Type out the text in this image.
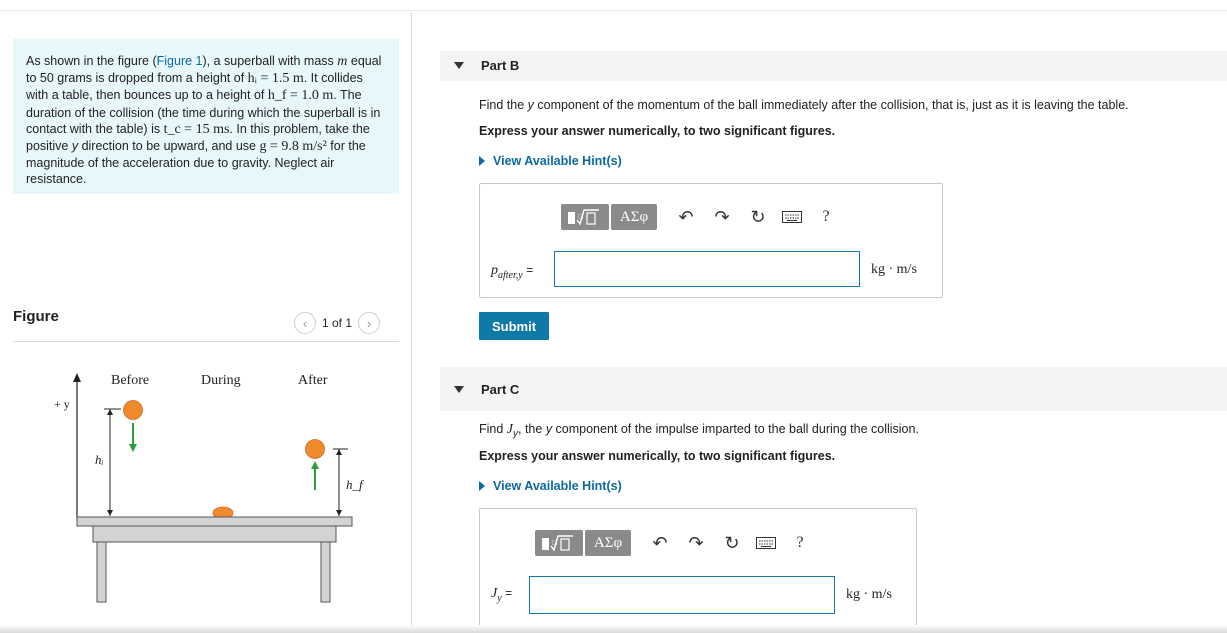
As shown in the figure (Figure 1), a superball with mass m equal to 50 grams is dropped from a height of hᵢ = 1.5 m. It collides with a table, then bounces up to a height of h_f = 1.0 m. The duration of the collision (the time during which the superball is in contact with the table) is t_c = 15 ms. In this problem, take the positive y direction to be upward, and use g = 9.8 m/s² for the magnitude of the acceleration due to gravity. Neglect air resistance.

Figure	‹	1 of 1	›
+ y
Before	During	After
hᵢ
h_f
Part B
Find the y component of the momentum of the ball immediately after the collision, that is, just as it is leaving the table.
Express your answer numerically, to two significant figures.
View Available Hint(s)
□	ΑΣφ	↶	↷	↻	?
$p_{after,y}$ =	kg · m/s
Submit
Part C
Find $J_y$, the y component of the impulse imparted to the ball during the collision.
Express your answer numerically, to two significant figures.
View Available Hint(s)
□	ΑΣφ	↶	↷	↻	?
$J_y$ =	kg · m/s
